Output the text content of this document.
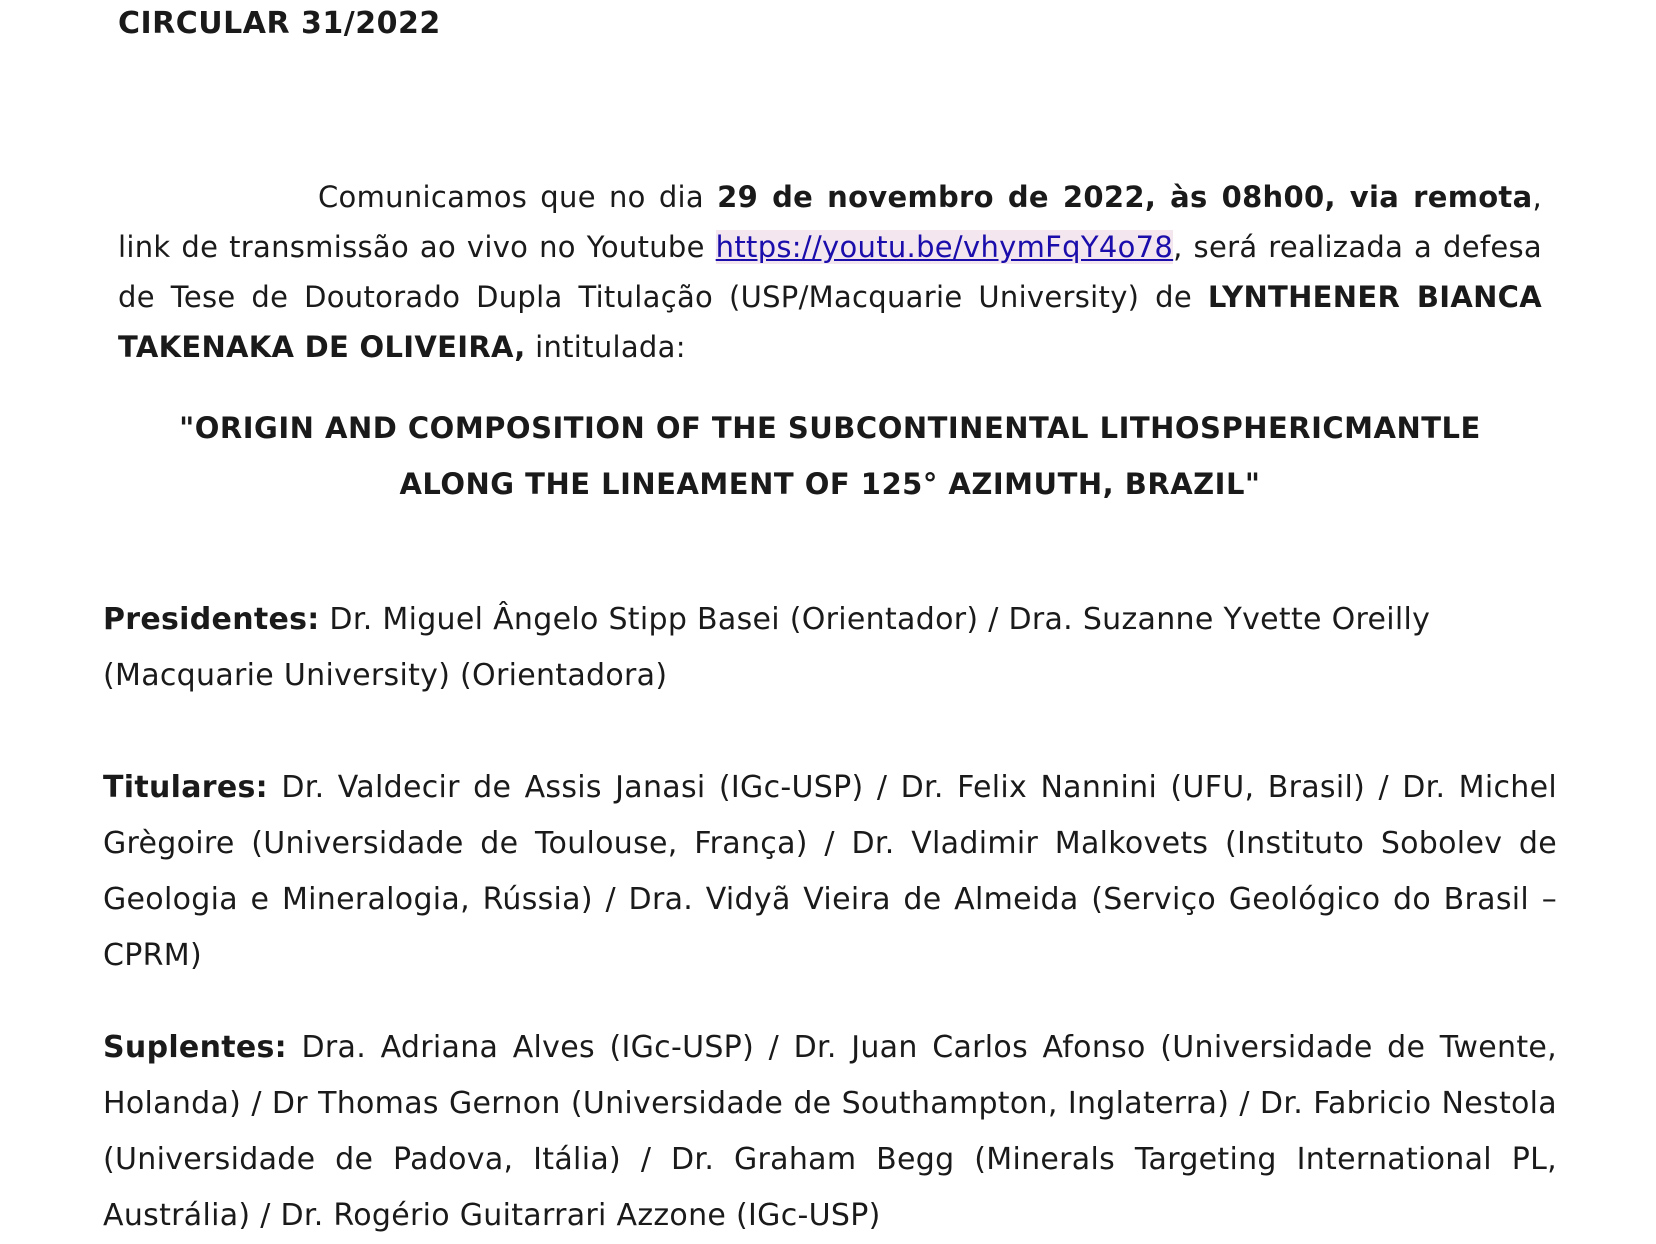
CIRCULAR 31/2022

Comunicamos que no dia 29 de novembro de 2022, às 08h00, via remota, link de transmissão ao vivo no Youtube https://youtu.be/vhymFqY4o78, será realizada a defesa de Tese de Doutorado Dupla Titulação (USP/Macquarie University) de LYNTHENER BIANCA TAKENAKA DE OLIVEIRA, intitulada:

"ORIGIN AND COMPOSITION OF THE SUBCONTINENTAL LITHOSPHERICMANTLE
ALONG THE LINEAMENT OF 125° AZIMUTH, BRAZIL"

Presidentes: Dr. Miguel Ângelo Stipp Basei (Orientador) / Dra. Suzanne Yvette Oreilly (Macquarie University) (Orientadora)

Titulares: Dr. Valdecir de Assis Janasi (IGc-USP) / Dr. Felix Nannini (UFU, Brasil) / Dr. Michel Grègoire (Universidade de Toulouse, França) / Dr. Vladimir Malkovets (Instituto Sobolev de Geologia e Mineralogia, Rússia) / Dra. Vidyã Vieira de Almeida (Serviço Geológico do Brasil – CPRM)

Suplentes: Dra. Adriana Alves (IGc-USP) / Dr. Juan Carlos Afonso (Universidade de Twente, Holanda) / Dr Thomas Gernon (Universidade de Southampton, Inglaterra) / Dr. Fabricio Nestola (Universidade de Padova, Itália) / Dr. Graham Begg (Minerals Targeting International PL, Austrália) / Dr. Rogério Guitarrari Azzone (IGc-USP)
